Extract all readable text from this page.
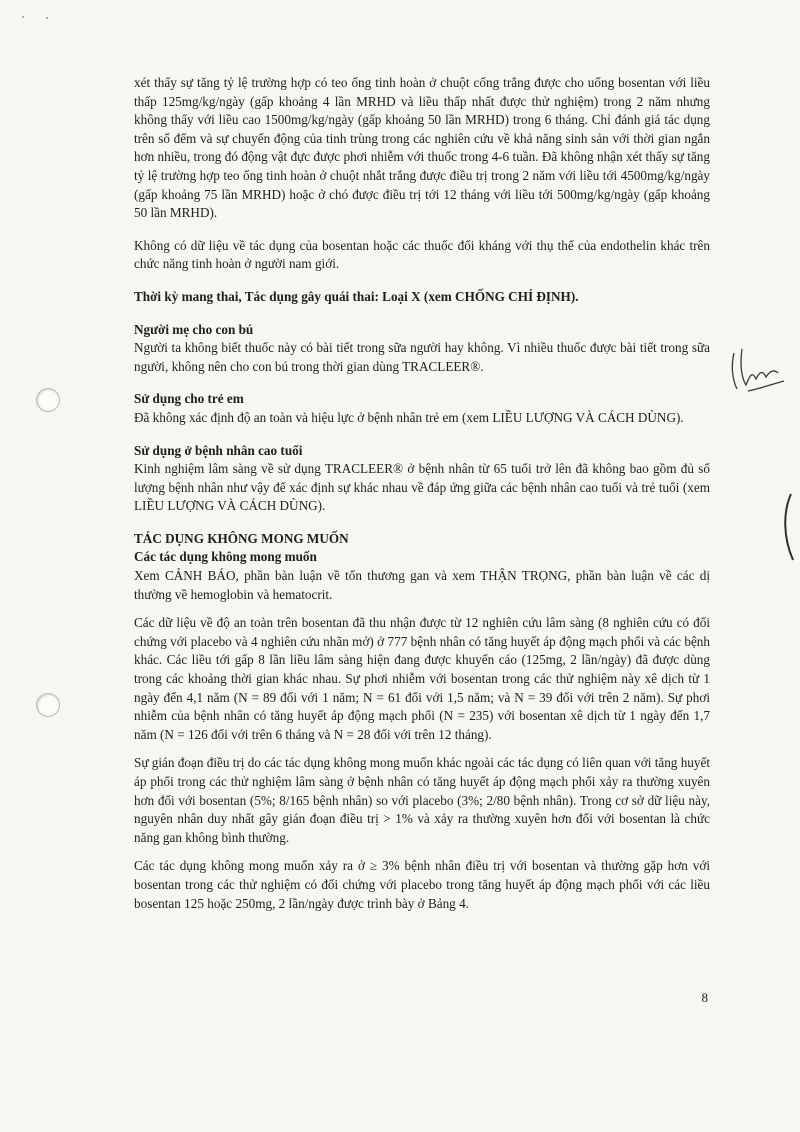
xét thấy sự tăng tỷ lệ trường hợp có teo ống tinh hoàn ở chuột cống trắng được cho uống bosentan với liều thấp 125mg/kg/ngày (gấp khoảng 4 lần MRHD và liều thấp nhất được thử nghiệm) trong 2 năm nhưng không thấy với liều cao 1500mg/kg/ngày (gấp khoảng 50 lần MRHD) trong 6 tháng. Chỉ đánh giá tác dụng trên số đếm và sự chuyển động của tinh trùng trong các nghiên cứu về khả năng sinh sản với thời gian ngắn hơn nhiều, trong đó động vật đực được phơi nhiễm với thuốc trong 4-6 tuần. Đã không nhận xét thấy sự tăng tỷ lệ trường hợp teo ống tinh hoàn ở chuột nhắt trắng được điều trị trong 2 năm với liều tới 4500mg/kg/ngày (gấp khoảng 75 lần MRHD) hoặc ở chó được điều trị tới 12 tháng với liều tới 500mg/kg/ngày (gấp khoảng 50 lần MRHD).

Không có dữ liệu về tác dụng của bosentan hoặc các thuốc đối kháng với thụ thể của endothelin khác trên chức năng tinh hoàn ở người nam giới.

Thời kỳ mang thai, Tác dụng gây quái thai: Loại X (xem CHỐNG CHỈ ĐỊNH).

Người mẹ cho con bú

Người ta không biết thuốc này có bài tiết trong sữa người hay không. Vì nhiều thuốc được bài tiết trong sữa người, không nên cho con bú trong thời gian dùng TRACLEER®.

Sử dụng cho trẻ em

Đã không xác định độ an toàn và hiệu lực ở bệnh nhân trẻ em (xem LIỀU LƯỢNG VÀ CÁCH DÙNG).

Sử dụng ở bệnh nhân cao tuổi

Kinh nghiệm lâm sàng về sử dụng TRACLEER® ở bệnh nhân từ 65 tuổi trở lên đã không bao gồm đủ số lượng bệnh nhân như vậy để xác định sự khác nhau về đáp ứng giữa các bệnh nhân cao tuổi và trẻ tuổi (xem LIỀU LƯỢNG VÀ CÁCH DÙNG).

TÁC DỤNG KHÔNG MONG MUỐN

Các tác dụng không mong muốn

Xem CẢNH BÁO, phần bàn luận về tổn thương gan và xem THẬN TRỌNG, phần bàn luận về các dị thường về hemoglobin và hematocrit.

Các dữ liệu về độ an toàn trên bosentan đã thu nhận được từ 12 nghiên cứu lâm sàng (8 nghiên cứu có đối chứng với placebo và 4 nghiên cứu nhãn mở) ở 777 bệnh nhân có tăng huyết áp động mạch phổi và các bệnh khác. Các liều tới gấp 8 lần liều lâm sàng hiện đang được khuyến cáo (125mg, 2 lần/ngày) đã được dùng trong các khoảng thời gian khác nhau. Sự phơi nhiễm với bosentan trong các thử nghiệm này xê dịch từ 1 ngày đến 4,1 năm (N = 89 đối với 1 năm; N = 61 đối với 1,5 năm; và N = 39 đối với trên 2 năm). Sự phơi nhiễm của bệnh nhân có tăng huyết áp động mạch phổi (N = 235) với bosentan xê dịch từ 1 ngày đến 1,7 năm (N = 126 đối với trên 6 tháng và N = 28 đối với trên 12 tháng).

Sự gián đoạn điều trị do các tác dụng không mong muốn khác ngoài các tác dụng có liên quan với tăng huyết áp phổi trong các thử nghiệm lâm sàng ở bệnh nhân có tăng huyết áp động mạch phổi xảy ra thường xuyên hơn đối với bosentan (5%; 8/165 bệnh nhân) so với placebo (3%; 2/80 bệnh nhân). Trong cơ sở dữ liệu này, nguyên nhân duy nhất gây gián đoạn điều trị > 1% và xảy ra thường xuyên hơn đối với bosentan là chức năng gan không bình thường.

Các tác dụng không mong muốn xảy ra ở ≥ 3% bệnh nhân điều trị với bosentan và thường gặp hơn với bosentan trong các thử nghiệm có đối chứng với placebo trong tăng huyết áp động mạch phổi với các liều bosentan 125 hoặc 250mg, 2 lần/ngày được trình bày ở Bảng 4.

8
